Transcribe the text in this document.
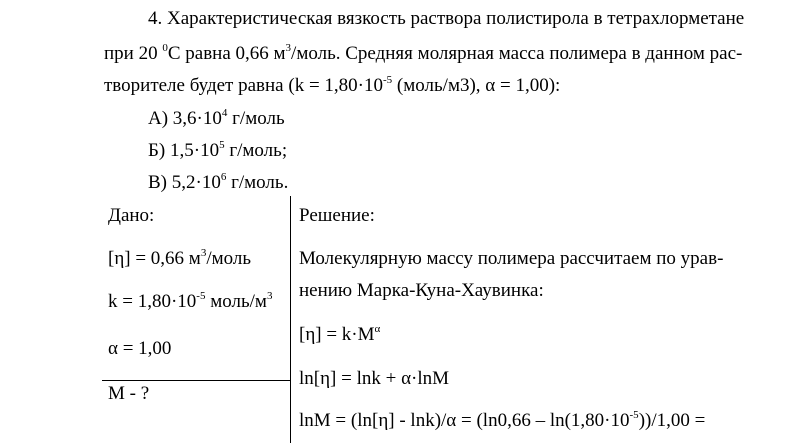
4. Характеристическая вязкость раствора полистирола в тетрахлорметане
при 20 $^0$С равна 0,66 $м^3$/моль. Средняя молярная масса полимера в данном рас-
творителе будет равна ($k = 1,80\cdot 10^{-5}$ (моль/м3), α = 1,00):
А) $3,6\cdot 10^4$ г/моль
Б) $1,5\cdot 10^5$ г/моль;
В) $5,2\cdot 10^6$ г/моль.
Дано:
[η] = 0,66 $м^3$/моль
$k = 1,80\cdot 10^{-5}$ моль/$м^3$
α = 1,00
М - ?
Решение:
Молекулярную массу полимера рассчитаем по урав-
нению Марка-Куна-Хаувинка:
$[\eta] = k\cdot M^\alpha$
ln[η] = lnk + α·lnM
$\ln M = (\ln[\eta] - \ln k)/\alpha = (\ln 0,66 - \ln(1,80\cdot 10^{-5}))/1,00$ =
